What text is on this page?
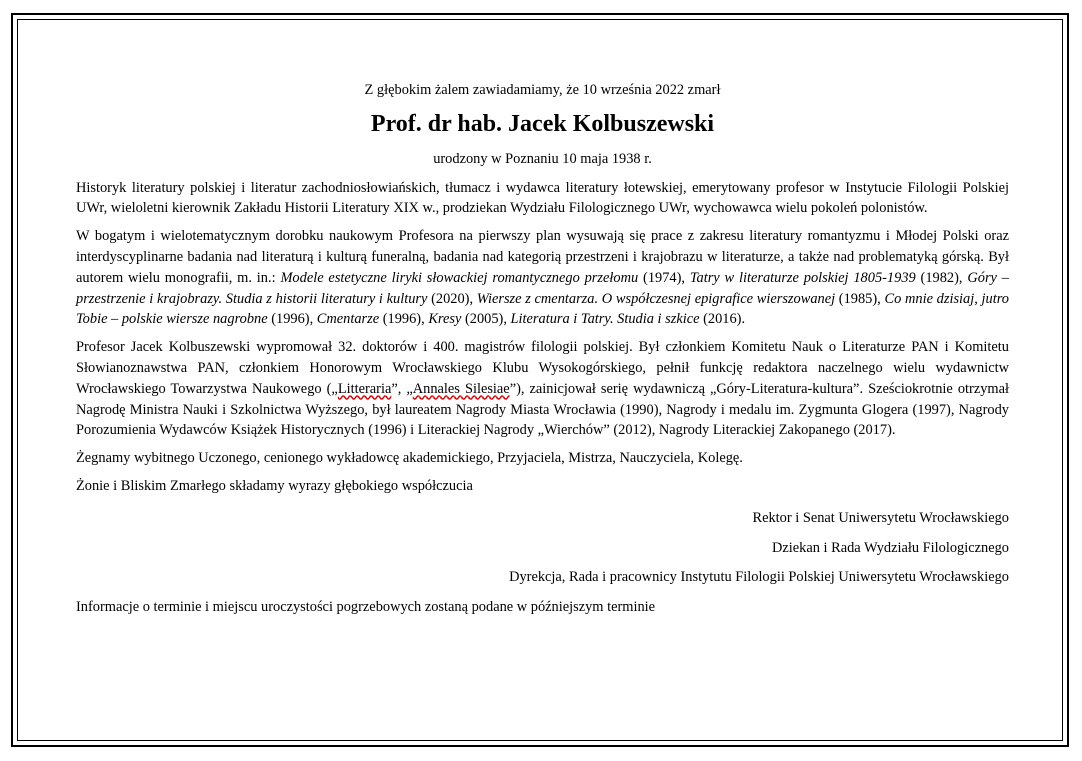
Z głębokim żalem zawiadamiamy, że 10 września 2022 zmarł
Prof. dr hab. Jacek Kolbuszewski
urodzony w Poznaniu 10 maja 1938 r.

Historyk literatury polskiej i literatur zachodniosłowiańskich, tłumacz i wydawca literatury łotewskiej, emerytowany profesor w Instytucie Filologii Polskiej UWr, wieloletni kierownik Zakładu Historii Literatury XIX w., prodziekan Wydziału Filologicznego UWr, wychowawca wielu pokoleń polonistów.

W bogatym i wielotematycznym dorobku naukowym Profesora na pierwszy plan wysuwają się prace z zakresu literatury romantyzmu i Młodej Polski oraz interdyscyplinarne badania nad literaturą i kulturą funeralną, badania nad kategorią przestrzeni i krajobrazu w literaturze, a także nad problematyką górską. Był autorem wielu monografii, m. in.: Modele estetyczne liryki słowackiej romantycznego przełomu (1974), Tatry w literaturze polskiej 1805-1939 (1982), Góry – przestrzenie i krajobrazy. Studia z historii literatury i kultury (2020), Wiersze z cmentarza. O współczesnej epigrafice wierszowanej (1985), Co mnie dzisiaj, jutro Tobie – polskie wiersze nagrobne (1996), Cmentarze (1996), Kresy (2005), Literatura i Tatry. Studia i szkice (2016).

Profesor Jacek Kolbuszewski wypromował 32. doktorów i 400. magistrów filologii polskiej. Był członkiem Komitetu Nauk o Literaturze PAN i Komitetu Słowianoznawstwa PAN, członkiem Honorowym Wrocławskiego Klubu Wysokogórskiego, pełnił funkcję redaktora naczelnego wielu wydawnictw Wrocławskiego Towarzystwa Naukowego („Litteraria”, „Annales Silesiae”), zainicjował serię wydawniczą „Góry-Literatura-kultura”. Sześciokrotnie otrzymał Nagrodę Ministra Nauki i Szkolnictwa Wyższego, był laureatem Nagrody Miasta Wrocławia (1990), Nagrody i medalu im. Zygmunta Glogera (1997), Nagrody Porozumienia Wydawców Książek Historycznych (1996) i Literackiej Nagrody „Wierchów” (2012), Nagrody Literackiej Zakopanego (2017).

Żegnamy wybitnego Uczonego, cenionego wykładowcę akademickiego, Przyjaciela, Mistrza, Nauczyciela, Kolegę.

Żonie i Bliskim Zmarłego składamy wyrazy głębokiego współczucia

Rektor i Senat Uniwersytetu Wrocławskiego
Dziekan i Rada Wydziału Filologicznego
Dyrekcja, Rada i pracownicy Instytutu Filologii Polskiej Uniwersytetu Wrocławskiego

Informacje o terminie i miejscu uroczystości pogrzebowych zostaną podane w późniejszym terminie
